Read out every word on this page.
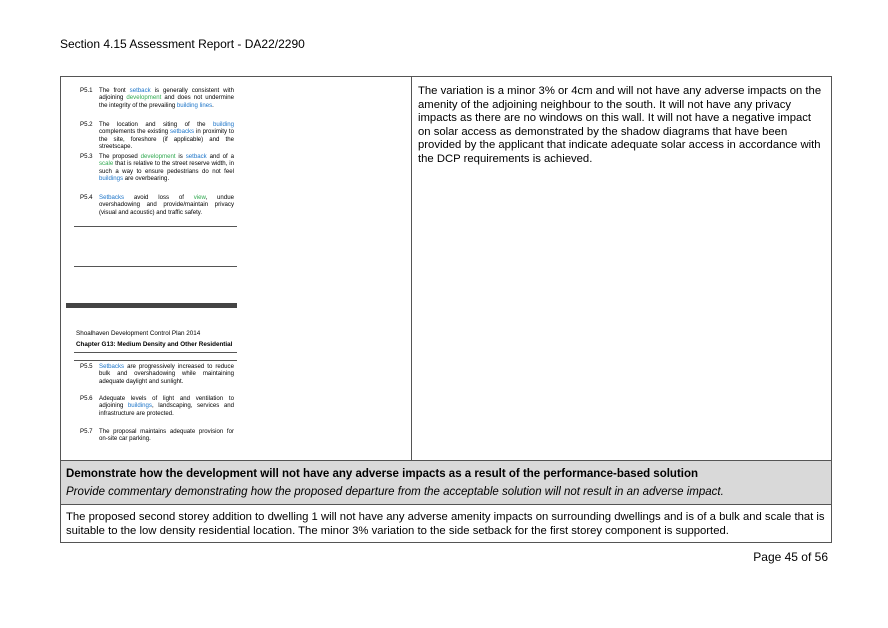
Section 4.15 Assessment Report - DA22/2290
P5.1	The front setback is generally consistent with adjoining development and does not undermine the integrity of the prevailing building lines.
P5.2	The location and siting of the building complements the existing setbacks in proximity to the site, foreshore (if applicable) and the streetscape.
P5.3	The proposed development is setback and of a scale that is relative to the street reserve width, in such a way to ensure pedestrians do not feel buildings are overbearing.
P5.4	Setbacks avoid loss of view, undue overshadowing and provide/maintain privacy (visual and acoustic) and traffic safety.
Shoalhaven Development Control Plan 2014
Chapter G13: Medium Density and Other Residential
P5.5	Setbacks are progressively increased to reduce bulk and overshadowing while maintaining adequate daylight and sunlight.
P5.6	Adequate levels of light and ventilation to adjoining buildings, landscaping, services and infrastructure are protected.
P5.7	The proposal maintains adequate provision for on-site car parking.
The variation is a minor 3% or 4cm and will not have any adverse impacts on the amenity of the adjoining neighbour to the south. It will not have any privacy impacts as there are no windows on this wall. It will not have a negative impact on solar access as demonstrated by the shadow diagrams that have been provided by the applicant that indicate adequate solar access in accordance with the DCP requirements is achieved.
Demonstrate how the development will not have any adverse impacts as a result of the performance-based solution
Provide commentary demonstrating how the proposed departure from the acceptable solution will not result in an adverse impact.
The proposed second storey addition to dwelling 1 will not have any adverse amenity impacts on surrounding dwellings and is of a bulk and scale that is suitable to the low density residential location. The minor 3% variation to the side setback for the first storey component is supported.
Page 45 of 56
